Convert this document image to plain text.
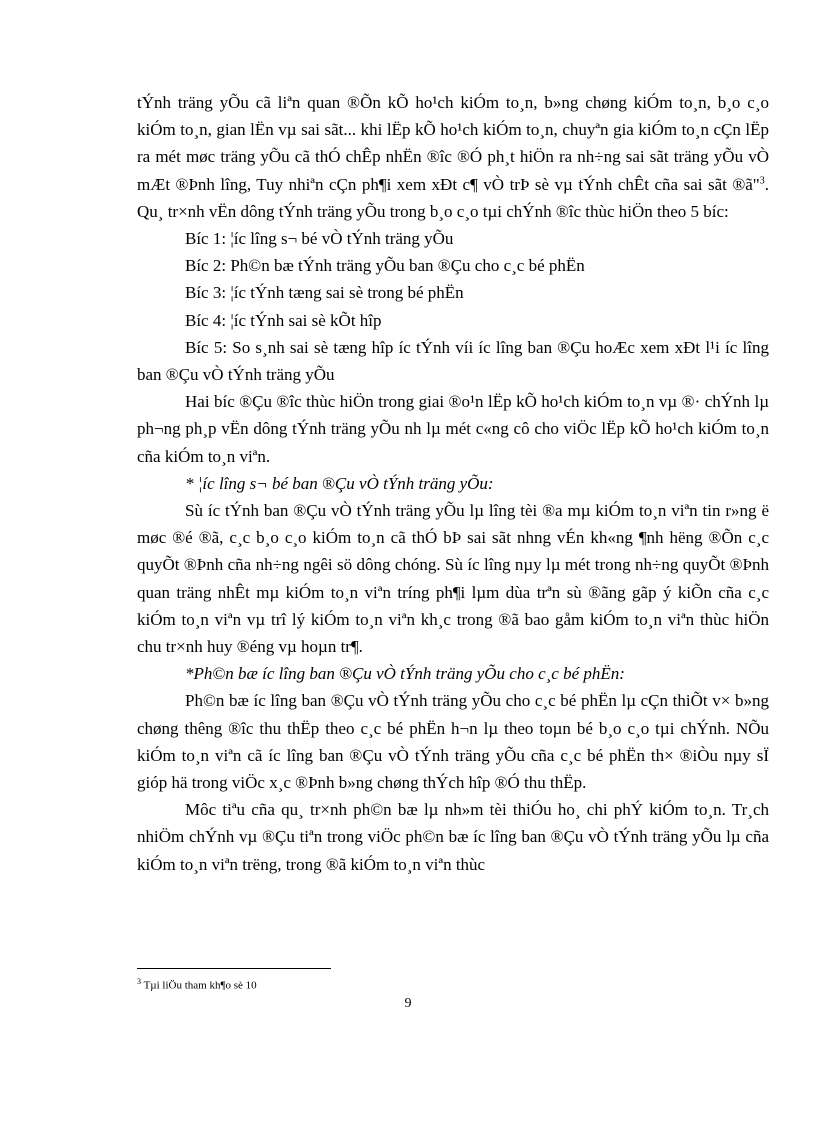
tÝnh träng yÕu cã liªn quan ®Õn kÕ ho¹ch kiÓm to¸n, b»ng chøng kiÓm to¸n, b¸o c¸o kiÓm to¸n, gian lËn vµ sai sãt... khi lËp kÕ ho¹ch kiÓm to¸n, chuyªn gia kiÓm to¸n cÇn lËp ra mét møc träng yÕu cã thÓ chÊp nhËn ®îc ®Ó ph¸t hiÖn ra nh÷ng sai sãt träng yÕu vÒ mÆt ®Þnh lîng, Tuy nhiªn cÇn ph¶i xem xÐt c¶ vÒ trÞ sè vµ tÝnh chÊt cña sai sãt ®ã"$^3$. Qu¸ tr×nh vËn dông tÝnh träng yÕu trong b¸o c¸o tµi chÝnh ®îc thùc hiÖn theo 5 bíc:

Bíc 1: ¦íc lîng s¬ bé vÒ tÝnh träng yÕu

Bíc 2: Ph©n bæ tÝnh träng yÕu ban ®Çu cho c¸c bé phËn

Bíc 3: ¦íc tÝnh tæng sai sè trong bé phËn

Bíc 4: ¦íc tÝnh sai sè kÕt hîp

Bíc 5: So s¸nh sai sè tæng hîp íc tÝnh víi íc lîng ban ®Çu hoÆc xem xÐt l¹i íc lîng ban ®Çu vÒ tÝnh träng yÕu

Hai bíc ®Çu ®îc thùc hiÖn trong giai ®o¹n lËp kÕ ho¹ch kiÓm to¸n vµ ®· chÝnh lµ ph¬ng ph¸p vËn dông tÝnh träng yÕu nh lµ mét c«ng cô cho viÖc lËp kÕ ho¹ch kiÓm to¸n cña kiÓm to¸n viªn.

* ¦íc lîng s¬ bé ban ®Çu vÒ tÝnh träng yÕu:

Sù íc tÝnh ban ®Çu vÒ tÝnh träng yÕu lµ lîng tèi ®a mµ kiÓm to¸n viªn tin r»ng ë møc ®é ®ã, c¸c b¸o c¸o kiÓm to¸n cã thÓ bÞ sai sãt nhng vÉn kh«ng ¶nh hëng ®Õn c¸c quyÕt ®Þnh cña nh÷ng ngêi sö dông chóng. Sù íc lîng nµy lµ mét trong nh÷ng quyÕt ®Þnh quan träng nhÊt mµ kiÓm to¸n viªn tríng ph¶i lµm dùa trªn sù ®ãng gãp ý kiÕn cña c¸c kiÓm to¸n viªn vµ trî lý kiÓm to¸n viªn kh¸c trong ®ã bao gåm kiÓm to¸n viªn thùc hiÖn chu tr×nh huy ®éng vµ hoµn tr¶.

*Ph©n bæ íc lîng ban ®Çu vÒ tÝnh träng yÕu cho c¸c bé phËn:

Ph©n bæ íc lîng ban ®Çu vÒ tÝnh träng yÕu cho c¸c bé phËn lµ cÇn thiÕt v× b»ng chøng thêng ®îc thu thËp theo c¸c bé phËn h¬n lµ theo toµn bé b¸o c¸o tµi chÝnh. NÕu kiÓm to¸n viªn cã íc lîng ban ®Çu vÒ tÝnh träng yÕu cña c¸c bé phËn th× ®iÒu nµy sÏ gióp hä trong viÖc x¸c ®Þnh b»ng chøng thÝch hîp ®Ó thu thËp.

Môc tiªu cña qu¸ tr×nh ph©n bæ lµ nh»m tèi thiÓu ho¸ chi phÝ kiÓm to¸n. Tr¸ch nhiÖm chÝnh vµ ®Çu tiªn trong viÖc ph©n bæ íc lîng ban ®Çu vÒ tÝnh träng yÕu lµ cña kiÓm to¸n viªn trëng, trong ®ã kiÓm to¸n viªn thùc

$^3$ Tµi liÖu tham kh¶o sè 10
9
